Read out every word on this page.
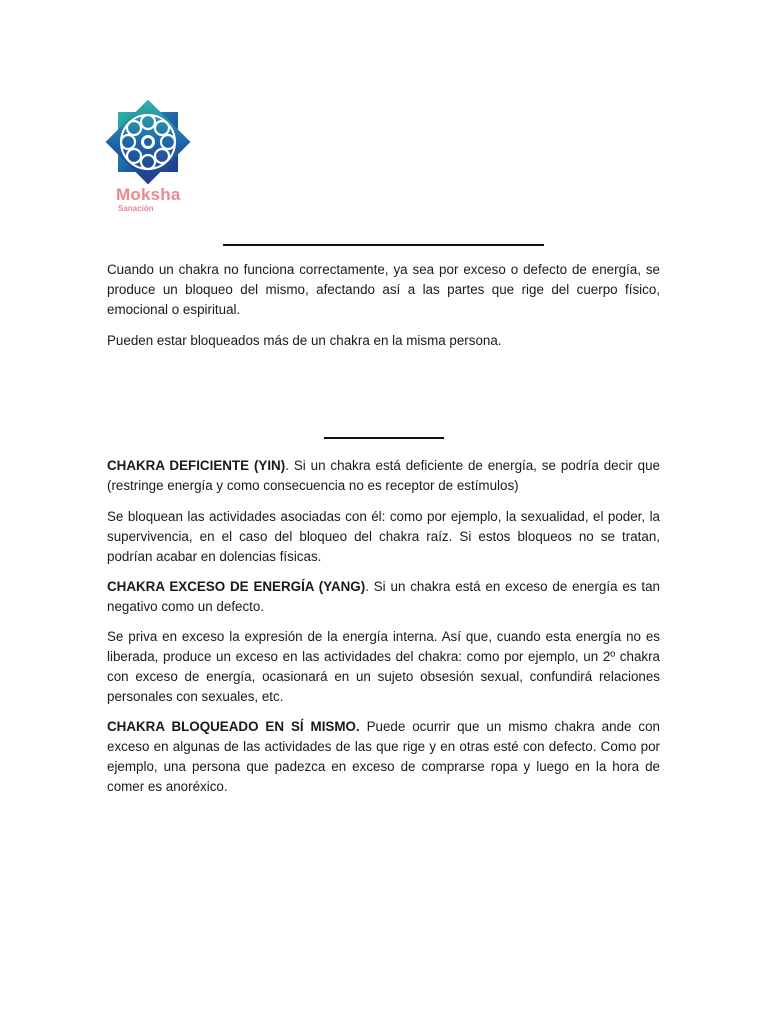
Moksha
Sanación

Cuando un chakra no funciona correctamente, ya sea por exceso o defecto de energía, se produce un bloqueo del mismo, afectando así a las partes que rige del cuerpo físico, emocional o espiritual.

Pueden estar bloqueados más de un chakra en la misma persona.

CHAKRA DEFICIENTE (YIN). Si un chakra está deficiente de energía, se podría decir que (restringe energía y como consecuencia no es receptor de estímulos)

Se bloquean las actividades asociadas con él: como por ejemplo, la sexualidad, el poder, la supervivencia, en el caso del bloqueo del chakra raíz. Si estos bloqueos no se tratan, podrían acabar en dolencias físicas.

CHAKRA EXCESO DE ENERGÍA (YANG). Si un chakra está en exceso de energía es tan negativo como un defecto.

Se priva en exceso la expresión de la energía interna. Así que, cuando esta energía no es liberada, produce un exceso en las actividades del chakra: como por ejemplo, un 2º chakra con exceso de energía, ocasionará en un sujeto obsesión sexual, confundirá relaciones personales con sexuales, etc.

CHAKRA BLOQUEADO EN SÍ MISMO. Puede ocurrir que un mismo chakra ande con exceso en algunas de las actividades de las que rige y en otras esté con defecto. Como por ejemplo, una persona que padezca en exceso de comprarse ropa y luego en la hora de comer es anoréxico.
